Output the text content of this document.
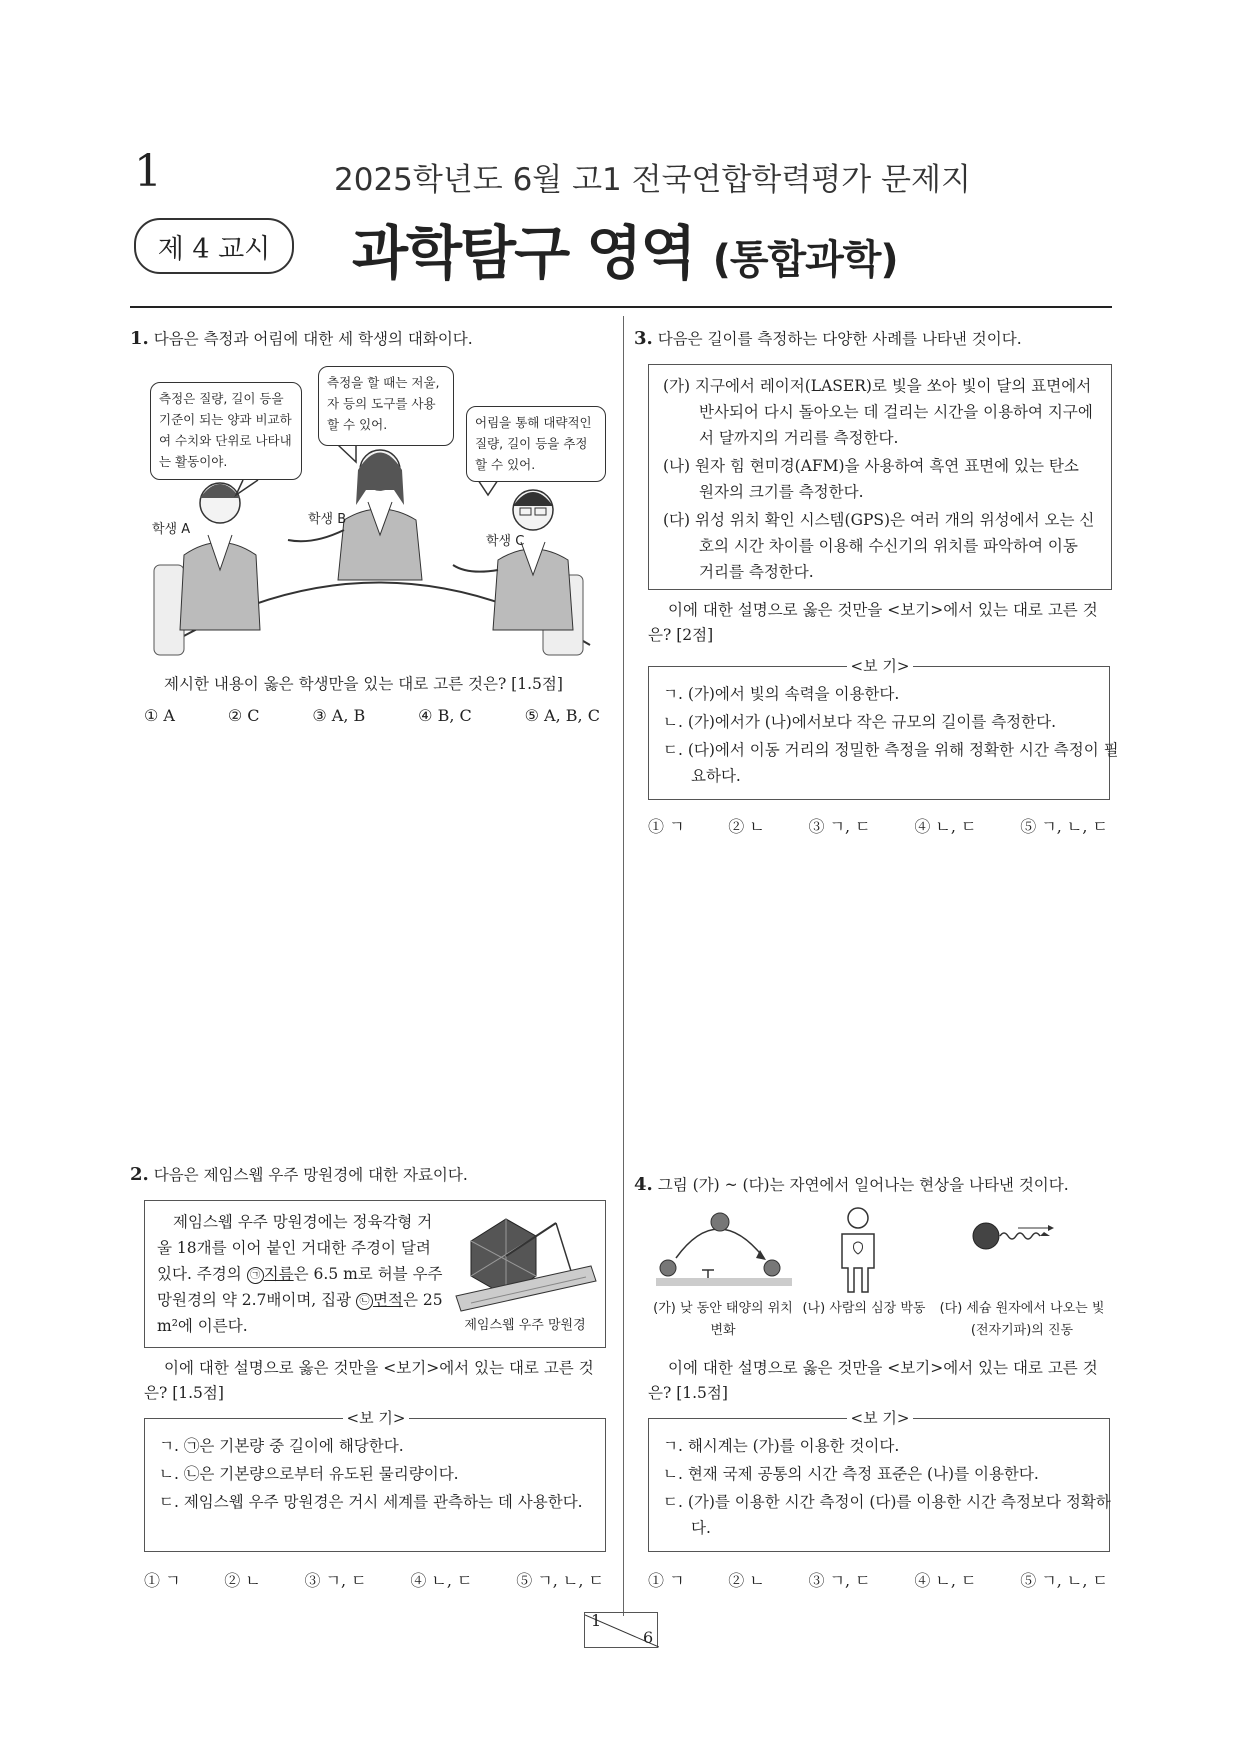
1	2025학년도 6월 고1 전국연합학력평가 문제지
제 4 교시 과학탐구 영역 (통합과학)
1. 다음은 측정과 어림에 대한 세 학생의 대화이다.
측정은 질량, 길이 등을 기준이 되는 양과 비교하여 수치와 단위로 나타내는 활동이야.
측정을 할 때는 저울, 자 등의 도구를 사용할 수 있어.	어림을 통해 대략적인 질량, 길이 등을 추정할 수 있어.
학생 A
학생 B
학생 C
제시한 내용이 옳은 학생만을 있는 대로 고른 것은? [1.5점]
① A	② C	③ A, B	④ B, C	⑤ A, B, C
2. 다음은 제임스웹 우주 망원경에 대한 자료이다.
제임스웹 우주 망원경에는 정육각형 거울 18개를 이어 붙인 거대한 주경이 달려 있다. 주경의 ㉠ 지름은 6.5 m로 허블 우주 망원경의 약 2.7배이며, 집광 ㉡ 면적은 25 m²에 이른다.	제임스웹 우주 망원경
이에 대한 설명으로 옳은 것만을 <보기>에서 있는 대로 고른 것은? [1.5점]
<보 기>
ㄱ. ㉠은 기본량 중 길이에 해당한다.
ㄴ. ㉡은 기본량으로부터 유도된 물리량이다.
ㄷ. 제임스웹 우주 망원경은 거시 세계를 관측하는 데 사용한다.
① ㄱ	② ㄴ	③ ㄱ, ㄷ	④ ㄴ, ㄷ	⑤ ㄱ, ㄴ, ㄷ
3. 다음은 길이를 측정하는 다양한 사례를 나타낸 것이다.
(가) 지구에서 레이저(LASER)로 빛을 쏘아 빛이 달의 표면에서 반사되어 다시 돌아오는 데 걸리는 시간을 이용하여 지구에서 달까지의 거리를 측정한다.
(나) 원자 힘 현미경(AFM)을 사용하여 흑연 표면에 있는 탄소 원자의 크기를 측정한다.
(다) 위성 위치 확인 시스템(GPS)은 여러 개의 위성에서 오는 신호의 시간 차이를 이용해 수신기의 위치를 파악하여 이동 거리를 측정한다.
이에 대한 설명으로 옳은 것만을 <보기>에서 있는 대로 고른 것은? [2점]
<보 기>
ㄱ. (가)에서 빛의 속력을 이용한다.
ㄴ. (가)에서가 (나)에서보다 작은 규모의 길이를 측정한다.
ㄷ. (다)에서 이동 거리의 정밀한 측정을 위해 정확한 시간 측정이 필요하다.
① ㄱ	② ㄴ	③ ㄱ, ㄷ	④ ㄴ, ㄷ	⑤ ㄱ, ㄴ, ㄷ
4. 그림 (가) ~ (다)는 자연에서 일어나는 현상을 나타낸 것이다.
(가) 낮 동안 태양의 위치 변화
(나) 사람의 심장 박동	(다) 세슘 원자에서 나오는 빛(전자기파)의 진동
이에 대한 설명으로 옳은 것만을 <보기>에서 있는 대로 고른 것은? [1.5점]
<보 기>
ㄱ. 해시계는 (가)를 이용한 것이다.
ㄴ. 현재 국제 공통의 시간 측정 표준은 (나)를 이용한다.
ㄷ. (가)를 이용한 시간 측정이 (다)를 이용한 시간 측정보다 정확하다.
① ㄱ	② ㄴ	③ ㄱ, ㄷ	④ ㄴ, ㄷ	⑤ ㄱ, ㄴ, ㄷ
1
6
